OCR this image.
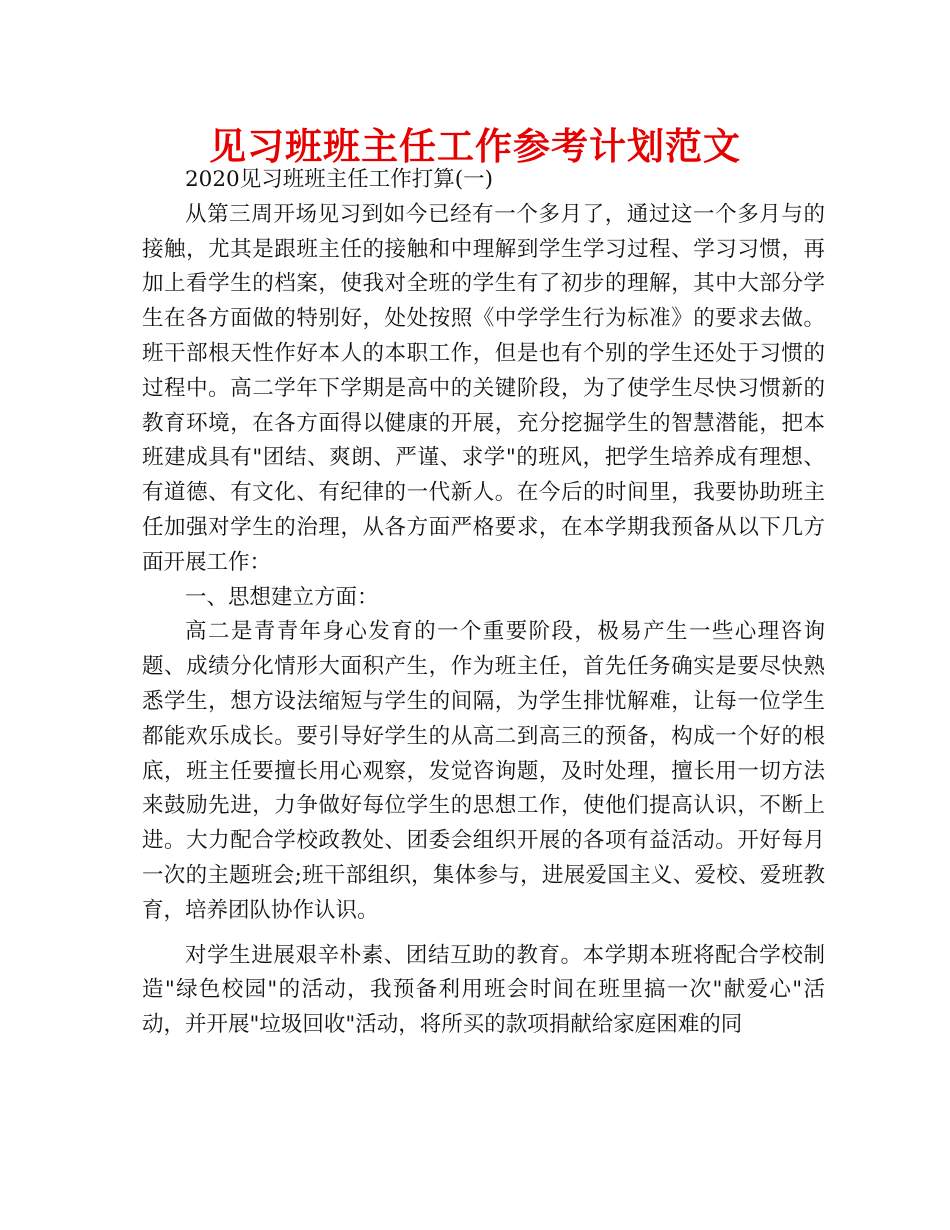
见习班班主任工作参考计划范文

2020见习班班主任工作打算(一)

从第三周开场见习到如今已经有一个多月了，通过这一个多月与的接触，尤其是跟班主任的接触和中理解到学生学习过程、学习习惯，再加上看学生的档案，使我对全班的学生有了初步的理解，其中大部分学生在各方面做的特别好，处处按照《中学学生行为标准》的要求去做。班干部根天性作好本人的本职工作，但是也有个别的学生还处于习惯的过程中。高二学年下学期是高中的关键阶段，为了使学生尽快习惯新的教育环境，在各方面得以健康的开展，充分挖掘学生的智慧潜能，把本班建成具有"团结、爽朗、严谨、求学"的班风，把学生培养成有理想、有道德、有文化、有纪律的一代新人。在今后的时间里，我要协助班主任加强对学生的治理，从各方面严格要求，在本学期我预备从以下几方面开展工作：

一、思想建立方面：

高二是青青年身心发育的一个重要阶段，极易产生一些心理咨询题、成绩分化情形大面积产生，作为班主任，首先任务确实是要尽快熟悉学生，想方设法缩短与学生的间隔，为学生排忧解难，让每一位学生都能欢乐成长。要引导好学生的从高二到高三的预备，构成一个好的根底，班主任要擅长用心观察，发觉咨询题，及时处理，擅长用一切方法来鼓励先进，力争做好每位学生的思想工作，使他们提高认识，不断上进。大力配合学校政教处、团委会组织开展的各项有益活动。开好每月一次的主题班会;班干部组织，集体参与，进展爱国主义、爱校、爱班教育，培养团队协作认识。

对学生进展艰辛朴素、团结互助的教育。本学期本班将配合学校制造"绿色校园"的活动，我预备利用班会时间在班里搞一次"献爱心"活动，并开展"垃圾回收"活动，将所买的款项捐献给家庭困难的同
